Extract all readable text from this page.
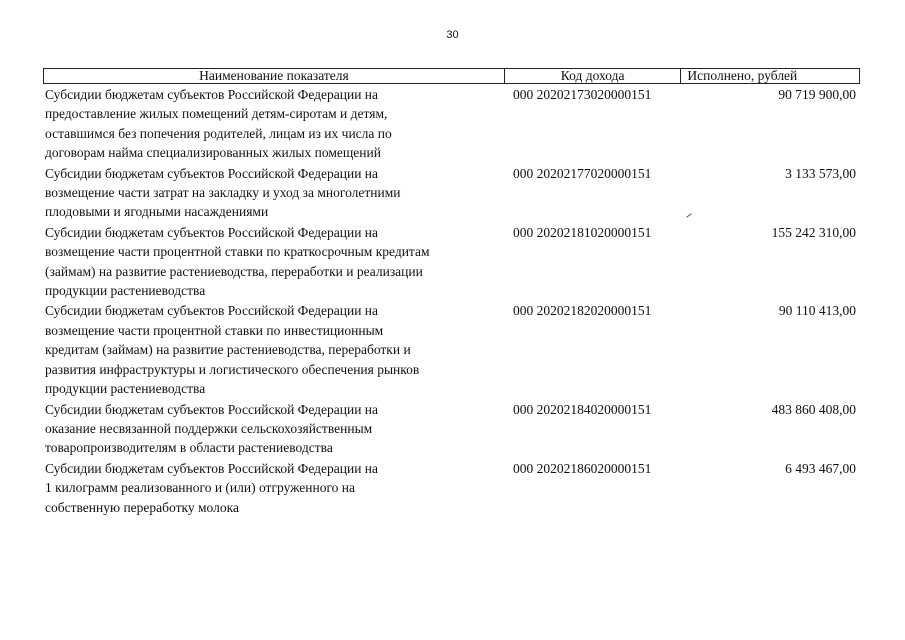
30
Наименование показателя	Код дохода	Исполнено, рублей
Субсидии бюджетам субъектов Российской Федерации на
предоставление жилых помещений детям-сиротам и детям,
оставшимся без попечения родителей, лицам из их числа по
договорам найма специализированных жилых помещений
000 20202173020000151	90 719 900,00
Субсидии бюджетам субъектов Российской Федерации на
возмещение части затрат на закладку и уход за многолетними
плодовыми и ягодными насаждениями
000 20202177020000151	3 133 573,00
Субсидии бюджетам субъектов Российской Федерации на
возмещение части процентной ставки по краткосрочным кредитам
(займам) на развитие растениеводства, переработки и реализации
продукции растениеводства
000 20202181020000151	155 242 310,00
Субсидии бюджетам субъектов Российской Федерации на
возмещение части процентной ставки по инвестиционным
кредитам (займам) на развитие растениеводства, переработки и
развития инфраструктуры и логистического обеспечения рынков
продукции растениеводства
000 20202182020000151	90 110 413,00
Субсидии бюджетам субъектов Российской Федерации на
оказание несвязанной поддержки сельскохозяйственным
товаропроизводителям в области растениеводства
000 20202184020000151	483 860 408,00
Субсидии бюджетам субъектов Российской Федерации на
1 килограмм реализованного и (или) отгруженного на
собственную переработку молока
000 20202186020000151	6 493 467,00
